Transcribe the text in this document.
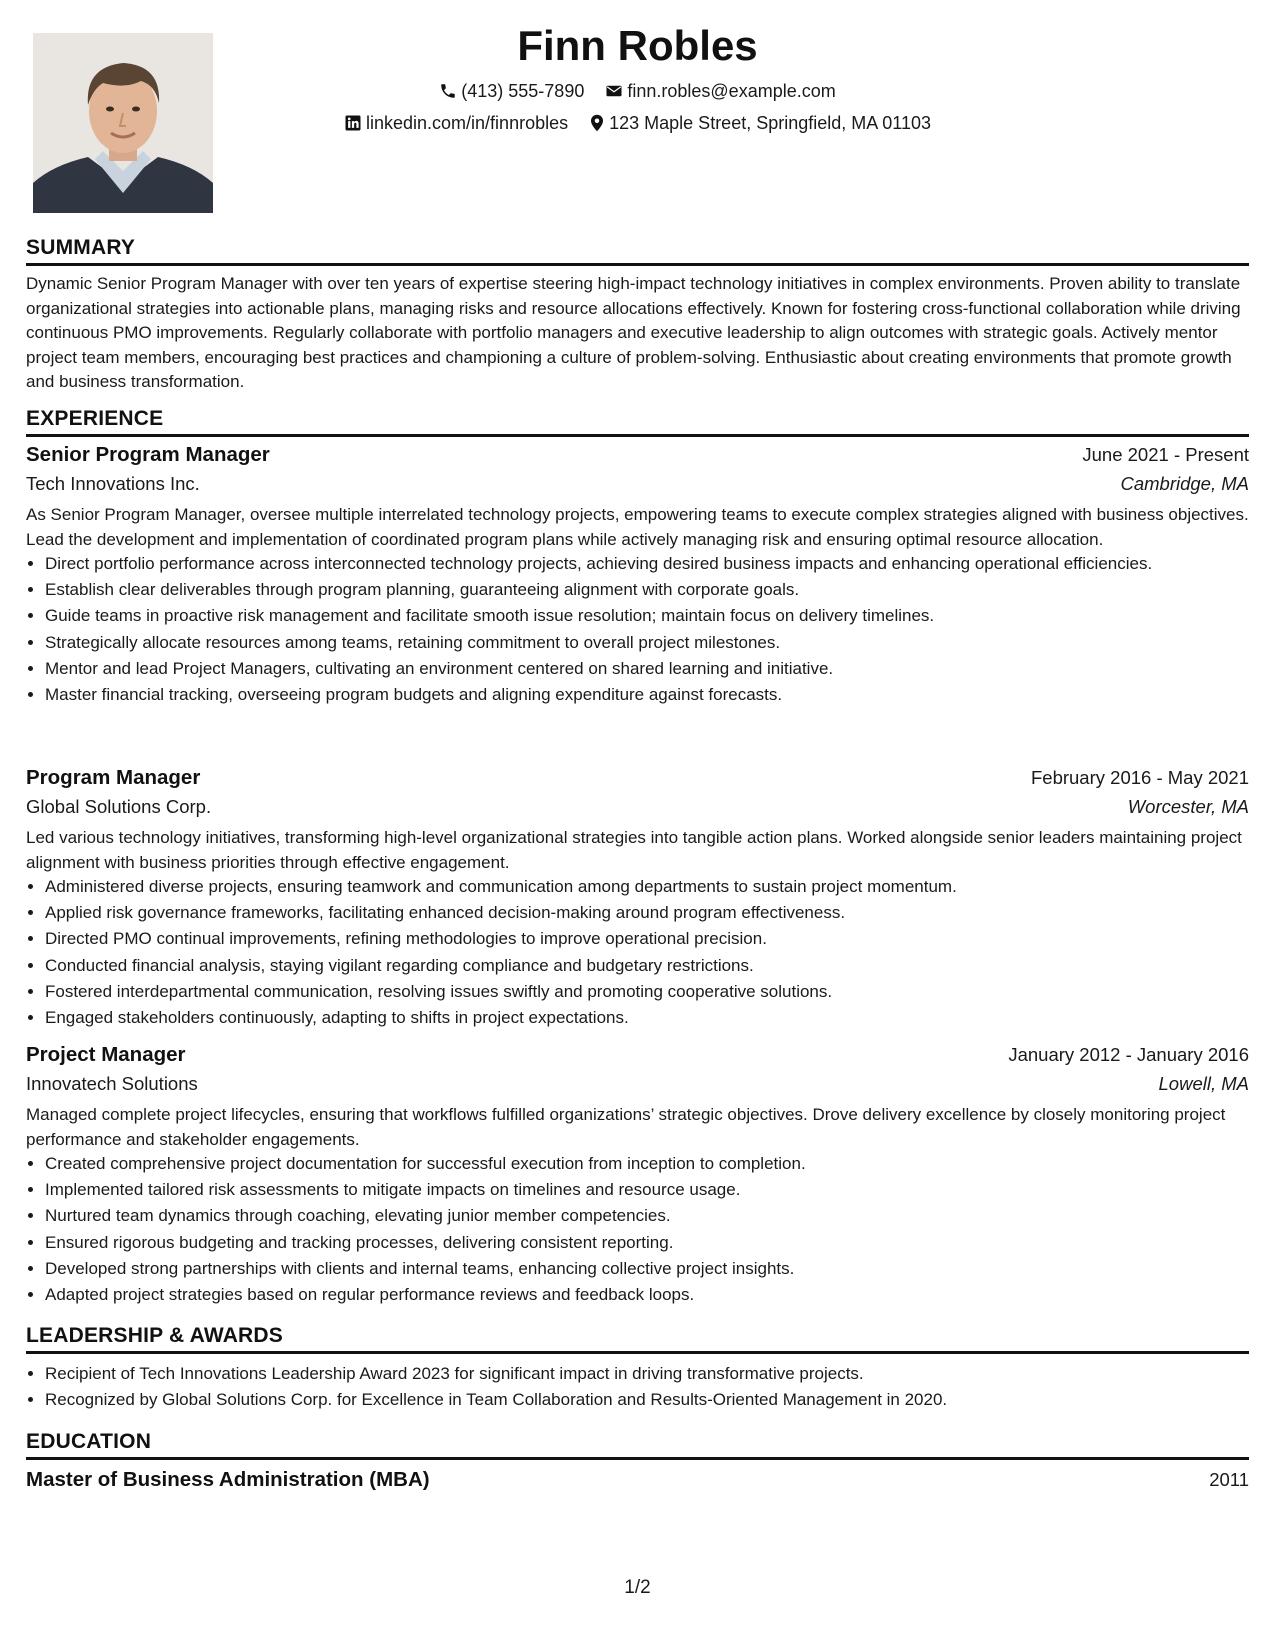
Finn Robles
(413) 555-7890 finn.robles@example.com
linkedin.com/in/finnrobles 123 Maple Street, Springfield, MA 01103
SUMMARY

Dynamic Senior Program Manager with over ten years of expertise steering high-impact technology initiatives in complex environments. Proven ability to translate organizational strategies into actionable plans, managing risks and resource allocations effectively. Known for fostering cross-functional collaboration while driving continuous PMO improvements. Regularly collaborate with portfolio managers and executive leadership to align outcomes with strategic goals. Actively mentor project team members, encouraging best practices and championing a culture of problem-solving. Enthusiastic about creating environments that promote growth and business transformation.

EXPERIENCE
Senior Program Manager	June 2021 - Present
Tech Innovations Inc.	Cambridge, MA

As Senior Program Manager, oversee multiple interrelated technology projects, empowering teams to execute complex strategies aligned with business objectives. Lead the development and implementation of coordinated program plans while actively managing risk and ensuring optimal resource allocation.

• Direct portfolio performance across interconnected technology projects, achieving desired business impacts and enhancing operational efficiencies.
• Establish clear deliverables through program planning, guaranteeing alignment with corporate goals.
• Guide teams in proactive risk management and facilitate smooth issue resolution; maintain focus on delivery timelines.
• Strategically allocate resources among teams, retaining commitment to overall project milestones.
• Mentor and lead Project Managers, cultivating an environment centered on shared learning and initiative.
• Master financial tracking, overseeing program budgets and aligning expenditure against forecasts.
Program Manager	February 2016 - May 2021
Global Solutions Corp.	Worcester, MA

Led various technology initiatives, transforming high-level organizational strategies into tangible action plans. Worked alongside senior leaders maintaining project alignment with business priorities through effective engagement.

• Administered diverse projects, ensuring teamwork and communication among departments to sustain project momentum.
• Applied risk governance frameworks, facilitating enhanced decision-making around program effectiveness.
• Directed PMO continual improvements, refining methodologies to improve operational precision.
• Conducted financial analysis, staying vigilant regarding compliance and budgetary restrictions.
• Fostered interdepartmental communication, resolving issues swiftly and promoting cooperative solutions.
• Engaged stakeholders continuously, adapting to shifts in project expectations.
Project Manager	January 2012 - January 2016
Innovatech Solutions	Lowell, MA

Managed complete project lifecycles, ensuring that workflows fulfilled organizations’ strategic objectives. Drove delivery excellence by closely monitoring project performance and stakeholder engagements.

• Created comprehensive project documentation for successful execution from inception to completion.
• Implemented tailored risk assessments to mitigate impacts on timelines and resource usage.
• Nurtured team dynamics through coaching, elevating junior member competencies.
• Ensured rigorous budgeting and tracking processes, delivering consistent reporting.
• Developed strong partnerships with clients and internal teams, enhancing collective project insights.
• Adapted project strategies based on regular performance reviews and feedback loops.
LEADERSHIP & AWARDS
• Recipient of Tech Innovations Leadership Award 2023 for significant impact in driving transformative projects.
• Recognized by Global Solutions Corp. for Excellence in Team Collaboration and Results-Oriented Management in 2020.
EDUCATION
Master of Business Administration (MBA)	2011
1/2
